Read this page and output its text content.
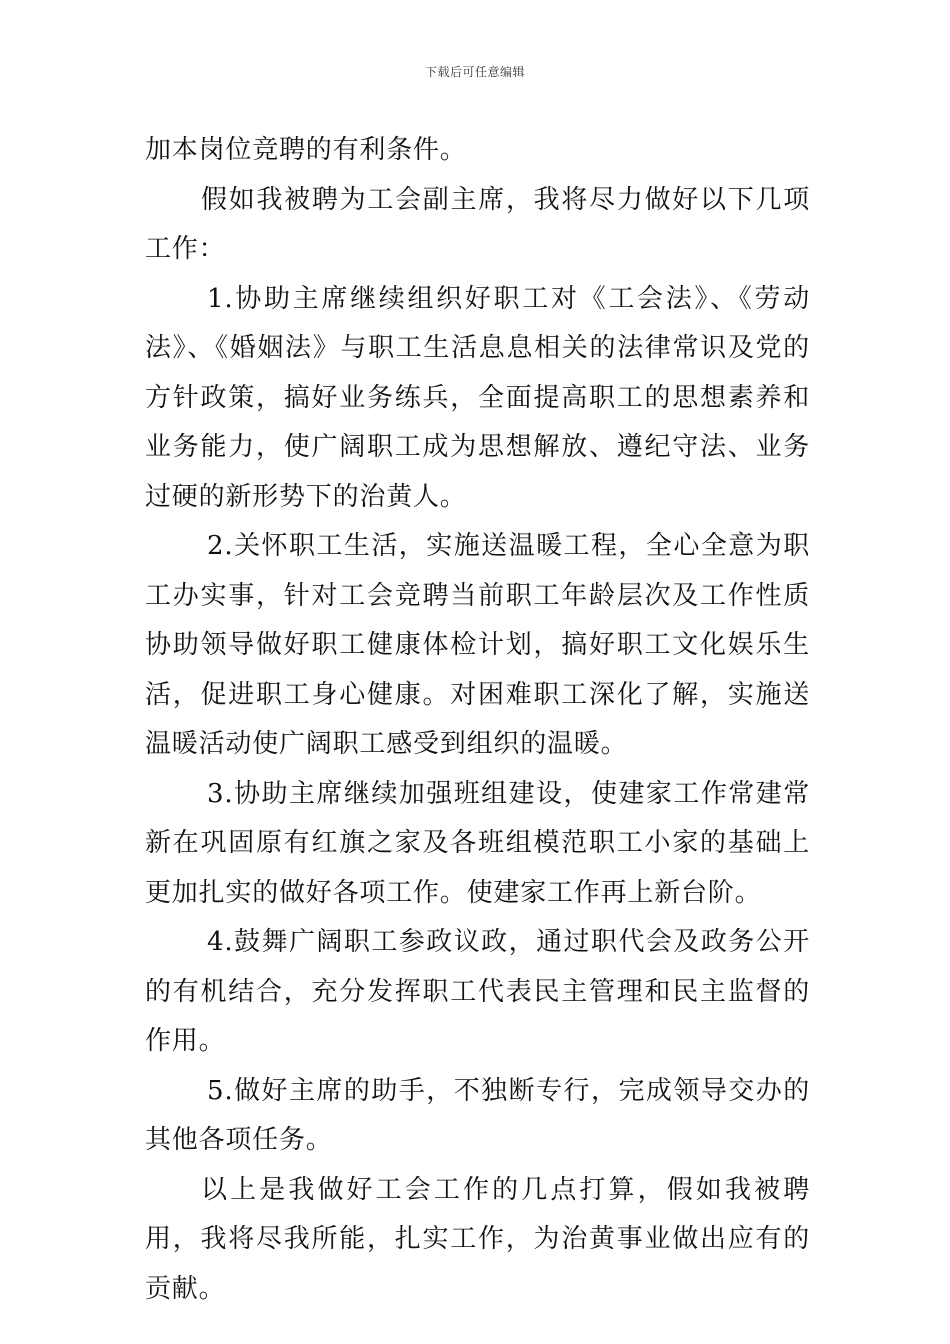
下载后可任意编辑

加本岗位竞聘的有利条件。

假如我被聘为工会副主席，我将尽力做好以下几项工作：

1.协助主席继续组织好职工对《工会法》、《劳动法》、《婚姻法》与职工生活息息相关的法律常识及党的方针政策，搞好业务练兵，全面提高职工的思想素养和业务能力，使广阔职工成为思想解放、遵纪守法、业务过硬的新形势下的治黄人。

2.关怀职工生活，实施送温暖工程，全心全意为职工办实事，针对工会竞聘当前职工年龄层次及工作性质协助领导做好职工健康体检计划，搞好职工文化娱乐生活，促进职工身心健康。对困难职工深化了解，实施送温暖活动使广阔职工感受到组织的温暖。

3.协助主席继续加强班组建设，使建家工作常建常新在巩固原有红旗之家及各班组模范职工小家的基础上更加扎实的做好各项工作。使建家工作再上新台阶。

4.鼓舞广阔职工参政议政，通过职代会及政务公开的有机结合，充分发挥职工代表民主管理和民主监督的作用。

5.做好主席的助手，不独断专行，完成领导交办的其他各项任务。

以上是我做好工会工作的几点打算，假如我被聘用，我将尽我所能，扎实工作，为治黄事业做出应有的贡献。
